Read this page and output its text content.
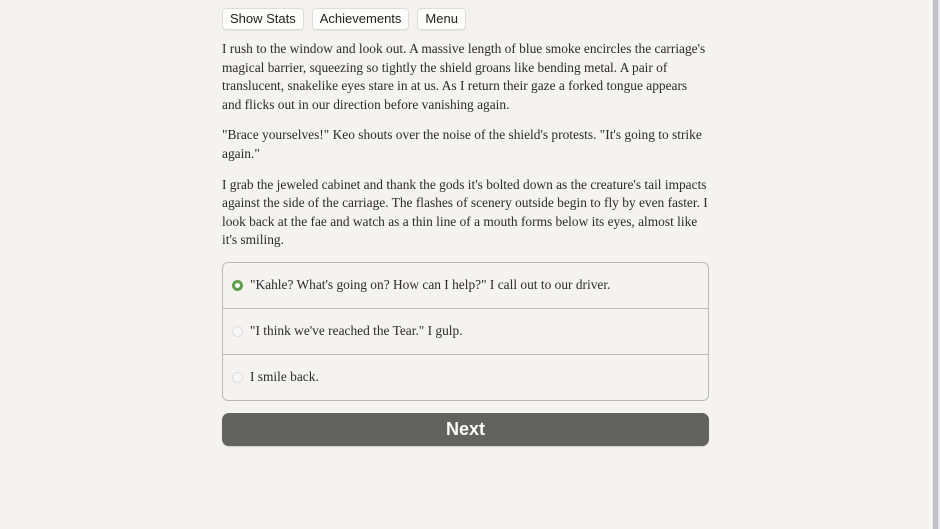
Show Stats	Achievements	Menu

I rush to the window and look out. A massive length of blue smoke encircles the carriage's magical barrier, squeezing so tightly the shield groans like bending metal. A pair of translucent, snakelike eyes stare in at us. As I return their gaze a forked tongue appears and flicks out in our direction before vanishing again.

"Brace yourselves!" Keo shouts over the noise of the shield's protests. "It's going to strike again."

I grab the jeweled cabinet and thank the gods it's bolted down as the creature's tail impacts against the side of the carriage. The flashes of scenery outside begin to fly by even faster. I look back at the fae and watch as a thin line of a mouth forms below its eyes, almost like it's smiling.

"Kahle? What's going on? How can I help?" I call out to our driver.
"I think we've reached the Tear." I gulp.
I smile back.
Next
